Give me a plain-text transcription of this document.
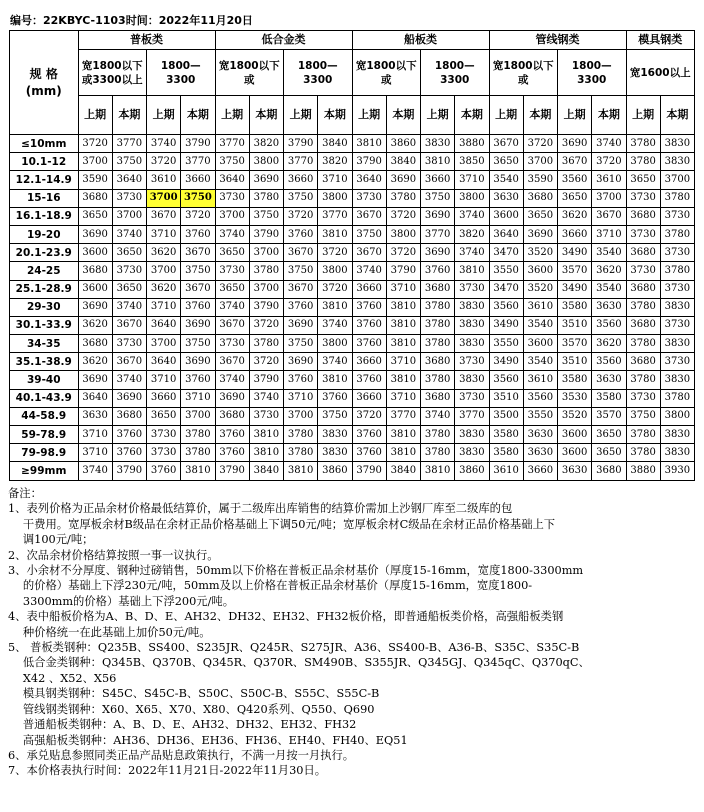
编号：22KBYC-1103时间：2022年11月20日
规 格
(mm)	普板类				低合金类				船板类				管线钢类				模具钢类	
	宽1800以下或3300以上		1800—3300		宽1800以下或		1800—3300		宽1800以下或		1800—3300		宽1800以下或		1800—3300		宽1600以上	
	上期	本期	上期	本期	上期	本期	上期	本期	上期	本期	上期	本期	上期	本期	上期	本期	上期	本期
≤10mm	3720	3770	3740	3790	3770	3820	3790	3840	3810	3860	3830	3880	3670	3720	3690	3740	3780	3830
10.1-12	3700	3750	3720	3770	3750	3800	3770	3820	3790	3840	3810	3850	3650	3700	3670	3720	3780	3830
12.1-14.9	3590	3640	3610	3660	3640	3690	3660	3710	3640	3690	3660	3710	3540	3590	3560	3610	3650	3700
15-16	3680	3730	3700	3750	3730	3780	3750	3800	3730	3780	3750	3800	3630	3680	3650	3700	3730	3780
16.1-18.9	3650	3700	3670	3720	3700	3750	3720	3770	3670	3720	3690	3740	3600	3650	3620	3670	3680	3730
19-20	3690	3740	3710	3760	3740	3790	3760	3810	3750	3800	3770	3820	3640	3690	3660	3710	3730	3780
20.1-23.9	3600	3650	3620	3670	3650	3700	3670	3720	3670	3720	3690	3740	3470	3520	3490	3540	3680	3730
24-25	3680	3730	3700	3750	3730	3780	3750	3800	3740	3790	3760	3810	3550	3600	3570	3620	3730	3780
25.1-28.9	3600	3650	3620	3670	3650	3700	3670	3720	3660	3710	3680	3730	3470	3520	3490	3540	3680	3730
29-30	3690	3740	3710	3760	3740	3790	3760	3810	3760	3810	3780	3830	3560	3610	3580	3630	3780	3830
30.1-33.9	3620	3670	3640	3690	3670	3720	3690	3740	3760	3810	3780	3830	3490	3540	3510	3560	3680	3730
34-35	3680	3730	3700	3750	3730	3780	3750	3800	3760	3810	3780	3830	3550	3600	3570	3620	3780	3830
35.1-38.9	3620	3670	3640	3690	3670	3720	3690	3740	3660	3710	3680	3730	3490	3540	3510	3560	3680	3730
39-40	3690	3740	3710	3760	3740	3790	3760	3810	3760	3810	3780	3830	3560	3610	3580	3630	3780	3830
40.1-43.9	3640	3690	3660	3710	3690	3740	3710	3760	3660	3710	3680	3730	3510	3560	3530	3580	3730	3780
44-58.9	3630	3680	3650	3700	3680	3730	3700	3750	3720	3770	3740	3770	3500	3550	3520	3570	3750	3800
59-78.9	3710	3760	3730	3780	3760	3810	3780	3830	3760	3810	3780	3830	3580	3630	3600	3650	3780	3830
79-98.9	3710	3760	3730	3780	3760	3810	3780	3830	3760	3810	3780	3830	3580	3630	3600	3650	3780	3830
≥99mm	3740	3790	3760	3810	3790	3840	3810	3860	3790	3840	3810	3860	3610	3660	3630	3680	3880	3930
备注：
1、表列价格为正品余材价格最低结算价，属于二级库出库销售的结算价需加上沙钢厂库至二级库的包
　 干费用。宽厚板余材B级品在余材正品价格基础上下调50元/吨；宽厚板余材C级品在余材正品价格基础上下
　 调100元/吨；
2、次品余材价格结算按照一事一议执行。
3、小余材不分厚度、钢种过磅销售，50mm以下价格在普板正品余材基价（厚度15-16mm，宽度1800-3300mm
　 的价格）基础上下浮230元/吨，50mm及以上价格在普板正品余材基价（厚度15-16mm，宽度1800-
　 3300mm的价格）基础上下浮200元/吨。
4、表中船板价格为A、B、D、E、AH32、DH32、EH32、FH32板价格，即普通船板类价格，高强船板类钢
　 种价格统一在此基础上加价50元/吨。
5、 普板类钢种：Q235B、SS400、S235JR、Q245R、S275JR、A36、SS400-B、A36-B、S35C、S35C-B
　 低合金类钢种：Q345B、Q370B、Q345R、Q370R、SM490B、S355JR、Q345GJ、Q345qC、Q370qC、
　 X42 、X52、X56
　 模具钢类钢种：S45C、S45C-B、S50C、S50C-B、S55C、S55C-B
　 管线钢类钢种：X60、X65、X70、X80、Q420系列、Q550、Q690
　 普通船板类钢种：A、B、D、E、AH32、DH32、EH32、FH32
　 高强船板类钢种：AH36、DH36、EH36、FH36、EH40、FH40、EQ51
6、承兑贴息参照同类正品产品贴息政策执行，不满一月按一月执行。
7、本价格表执行时间：2022年11月21日-2022年11月30日。
